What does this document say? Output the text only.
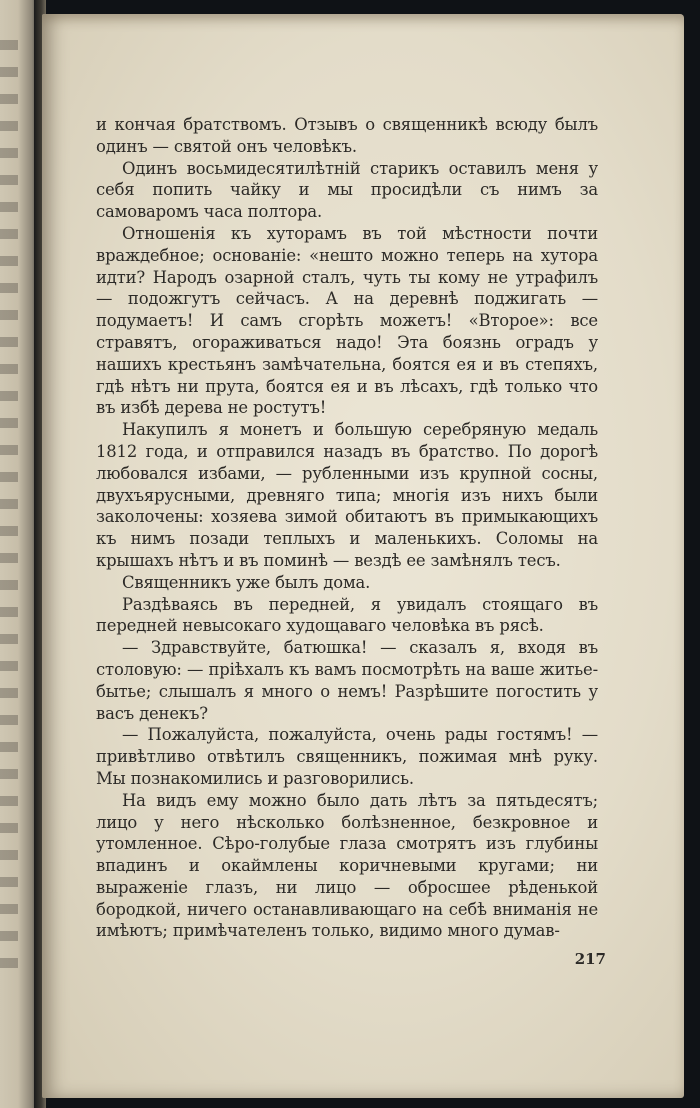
и кончая братствомъ. Отзывъ о священникѣ всюду былъ одинъ — святой онъ человѣкъ.

Одинъ восьмидесятилѣтній старикъ оставилъ меня у себя попить чайку и мы просидѣли съ нимъ за самоваромъ часа полтора.

Отношенія къ хуторамъ въ той мѣстности почти враждебное; основаніе: «нешто можно теперь на хутора идти? Народъ озарной сталъ, чуть ты кому не утрафилъ — подожгутъ сейчасъ. А на деревнѣ поджигать — подумаетъ! И самъ сгорѣть можетъ! «Второе»: все стравятъ, огораживаться надо! Эта боязнь оградъ у нашихъ крестьянъ замѣчательна, боятся ея и въ степяхъ, гдѣ нѣтъ ни прута, боятся ея и въ лѣсахъ, гдѣ только что въ избѣ дерева не ростутъ!

Накупилъ я монетъ и большую серебряную медаль 1812 года, и отправился назадъ въ братство. По дорогѣ любовался избами, — рубленными изъ крупной сосны, двухъярусными, древняго типа; многія изъ нихъ были заколочены: хозяева зимой обитаютъ въ примыкающихъ къ нимъ позади теплыхъ и маленькихъ. Соломы на крышахъ нѣтъ и въ поминѣ — вездѣ ее замѣнялъ тесъ.

Священникъ уже былъ дома.

Раздѣваясь въ передней, я увидалъ стоящаго въ передней невысокаго худощаваго человѣка въ рясѣ.

— Здравствуйте, батюшка! — сказалъ я, входя въ столовую: — пріѣхалъ къ вамъ посмотрѣть на ваше житье-бытье; слышалъ я много о немъ! Разрѣшите погостить у васъ денекъ?

— Пожалуйста, пожалуйста, очень рады гостямъ! — привѣтливо отвѣтилъ священникъ, пожимая мнѣ руку. Мы познакомились и разговорились.

На видъ ему можно было дать лѣтъ за пятьдесятъ; лицо у него нѣсколько болѣзненное, безкровное и утомленное. Сѣро-голубые глаза смотрятъ изъ глубины впадинъ и окаймлены коричневыми кругами; ни выраженіе глазъ, ни лицо — обросшее рѣденькой бородкой, ничего останавливающаго на себѣ вниманія не имѣютъ; примѣчателенъ только, видимо много думав-

217
